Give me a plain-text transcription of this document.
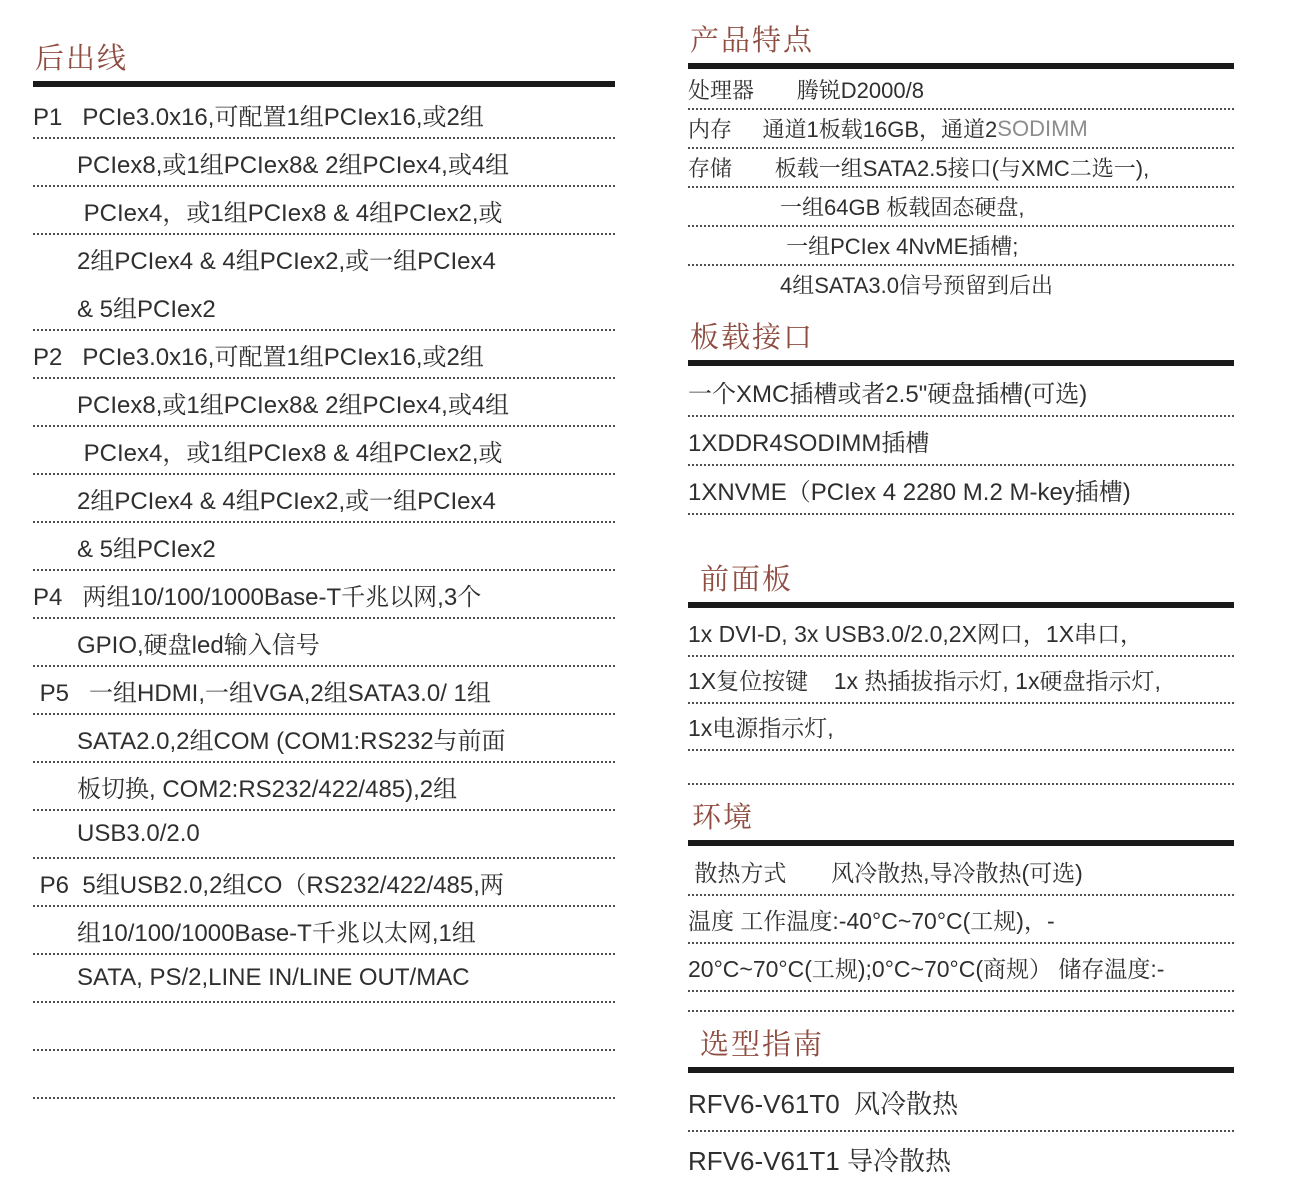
后出线
P1   PCIe3.0x16,可配置1组PCIex16,或2组
PCIex8,或1组PCIex8& 2组PCIex4,或4组
PCIex4，或1组PCIex8 & 4组PCIex2,或
2组PCIex4 & 4组PCIex2,或一组PCIex4
& 5组PCIex2
P2   PCIe3.0x16,可配置1组PCIex16,或2组
PCIex8,或1组PCIex8& 2组PCIex4,或4组
PCIex4，或1组PCIex8 & 4组PCIex2,或
2组PCIex4 & 4组PCIex2,或一组PCIex4
& 5组PCIex2
P4   两组10/100/1000Base-T千兆以网,3个
GPIO,硬盘led输入信号
P5   一组HDMI,一组VGA,2组SATA3.0/ 1组
SATA2.0,2组COM (COM1:RS232与前面
板切换, COM2:RS232/422/485),2组
USB3.0/2.0
P6  5组USB2.0,2组CO（RS232/422/485,两
组10/100/1000Base-T千兆以太网,1组
SATA, PS/2,LINE IN/LINE OUT/MAC
产品特点
处理器       腾锐D2000/8
内存     通道1板载16GB，通道2 SODIMM
存储       板载一组SATA2.5接口(与XMC二选一),
一组64GB 板载固态硬盘,
一组PCIex 4NvME插槽;
4组SATA3.0信号预留到后出
板载接口
一个XMC插槽或者2.5"硬盘插槽(可选)
1XDDR4SODIMM插槽
1XNVME（PCIex 4 2280 M.2 M-key插槽)
前面板
1x DVI-D, 3x USB3.0/2.0,2X网口，1X串口，
1X复位按键    1x 热插拔指示灯, 1x硬盘指示灯,
1x电源指示灯,
环境
散热方式       风冷散热,导冷散热(可选)
温度 工作温度:-40°C~70°C(工规)，-
20°C~70°C(工规);0°C~70°C(商规） 储存温度:-
选型指南
RFV6-V61T0  风冷散热
RFV6-V61T1 导冷散热
